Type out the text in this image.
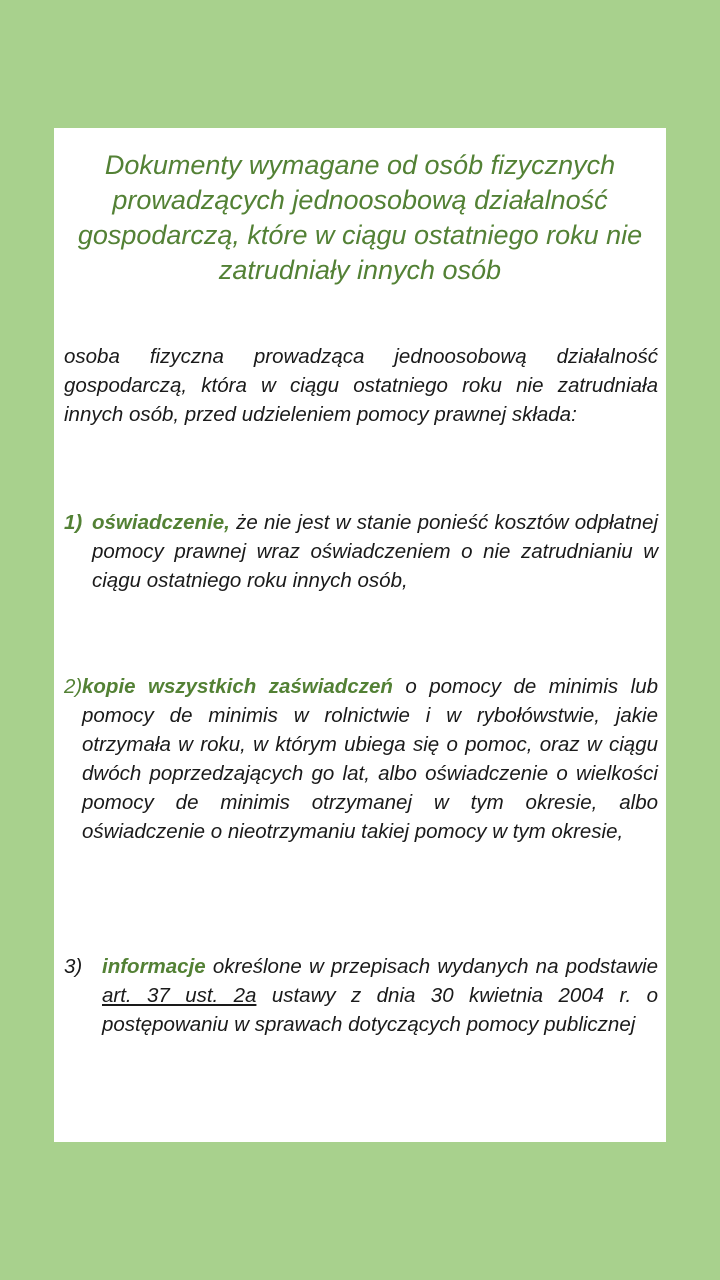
Dokumenty wymagane od osób fizycznych prowadzących jednoosobową działalność gospodarczą, które w ciągu ostatniego roku nie zatrudniały innych osób

osoba fizyczna prowadząca jednoosobową działalność gospodarczą, która w ciągu ostatniego roku nie zatrudniała innych osób, przed udzieleniem pomocy prawnej składa:

1) oświadczenie, że nie jest w stanie ponieść kosztów odpłatnej pomocy prawnej wraz oświadczeniem o nie zatrudnianiu w ciągu ostatniego roku innych osób,
2) kopie wszystkich zaświadczeń o pomocy de minimis lub pomocy de minimis w rolnictwie i w rybołówstwie, jakie otrzymała w roku, w którym ubiega się o pomoc, oraz w ciągu dwóch poprzedzających go lat, albo oświadczenie o wielkości pomocy de minimis otrzymanej w tym okresie, albo oświadczenie o nieotrzymaniu takiej pomocy w tym okresie,
3) informacje określone w przepisach wydanych na podstawie art. 37 ust. 2a ustawy z dnia 30 kwietnia 2004 r. o postępowaniu w sprawach dotyczących pomocy publicznej
